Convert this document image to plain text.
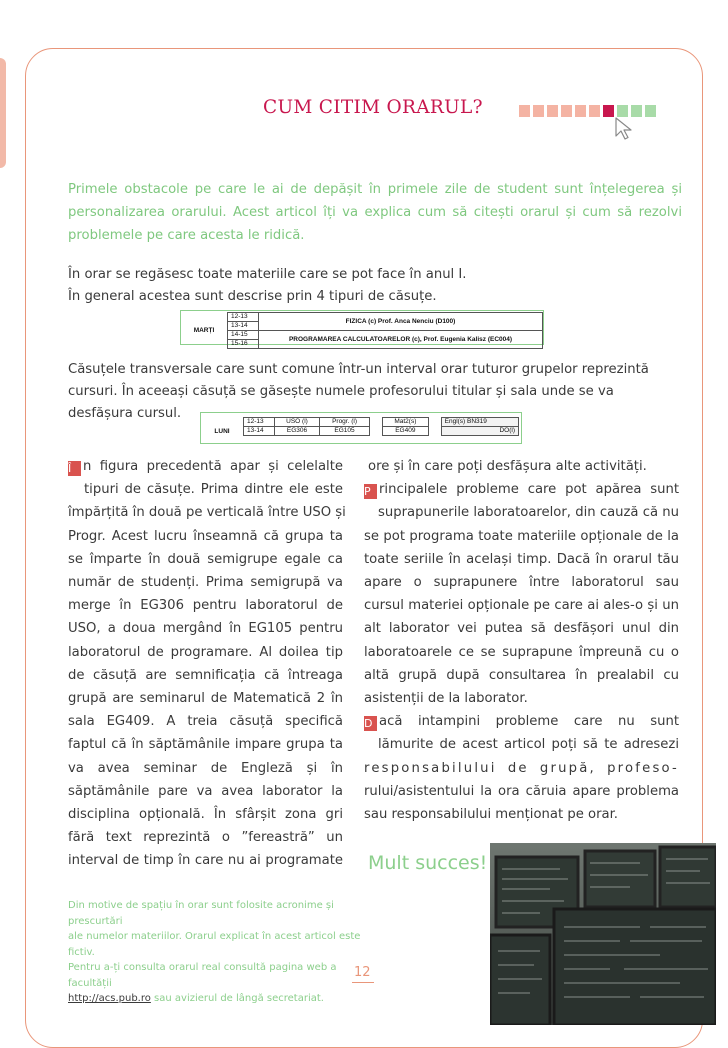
CUM CITIM ORARUL?

Primele obstacole pe care le ai de depășit în primele zile de student sunt înțelegerea și personalizarea orarului. Acest articol îți va explica cum să citești orarul și cum să rezolvi problemele pe care acesta le ridică.

În orar se regăsesc toate materiile care se pot face în anul I.
În general acestea sunt descrise prin 4 tipuri de căsuțe.
MARȚI	12-13	FIZICA (c) Prof. Anca Nenciu (D100)
	13-14	
	14-15	PROGRAMAREA CALCULATOARELOR (c), Prof. Eugenia Kalisz (EC004)
	15-16	
Căsuțele transversale care sunt comune într-un interval orar tuturor grupelor reprezintă
cursuri. În aceeași căsuță se găsește numele profesorului titular și sala unde se va
desfășura cursul.
LUNI	12-13	USO (l)	Progr. (l)		Mat2(s)		Engl(s) BN319
	13-14	EG306	EG105		EG409		DO(l)
Î n figura precedentă apar și celelalte
tipuri de căsuțe. Prima dintre ele este
împărțită în două pe verticală între USO și
Progr. Acest lucru înseamnă că grupa ta
se împarte în două semigrupe egale ca
număr de studenți. Prima semigrupă va
merge în EG306 pentru laboratorul de
USO, a doua mergând în EG105 pentru
laboratorul de programare. Al doilea tip
de căsuță are semnificația că întreaga
grupă are seminarul de Matematică 2 în
sala EG409. A treia căsuță specifică
faptul că în săptămânile impare grupa ta
va avea seminar de Engleză și în
săptămânile pare va avea laborator la
disciplina opțională. În sfârșit zona gri
fără text reprezintă o ”fereastră” un
interval de timp în care nu ai programate
ore și în care poți desfășura alte activități.
P rincipalele probleme care pot apărea sunt
suprapunerile laboratoarelor, din cauză că nu
se pot programa toate materiile opționale de la
toate seriile în același timp. Dacă în orarul tău
apare o suprapunere între laboratorul sau
cursul materiei opționale pe care ai ales-o și un
alt laborator vei putea să desfășori unul din
laboratoarele ce se suprapune împreună cu o
altă grupă după consultarea în prealabil cu
asistenții de la laborator.
D acă intampini probleme care nu sunt
lămurite de acest articol poți să te adresezi
responsabilului de grupă, profeso-
rului/asistentului la ora căruia apare problema
sau responsabilului menționat pe orar.
Mult succes!

Din motive de spațiu în orar sunt folosite acronime și prescurtări
ale numelor materiilor. Orarul explicat în acest articol este fictiv.
Pentru a-ți consulta orarul real consultă pagina web a facultății
http://acs.pub.ro sau avizierul de lângă secretariat.

12
